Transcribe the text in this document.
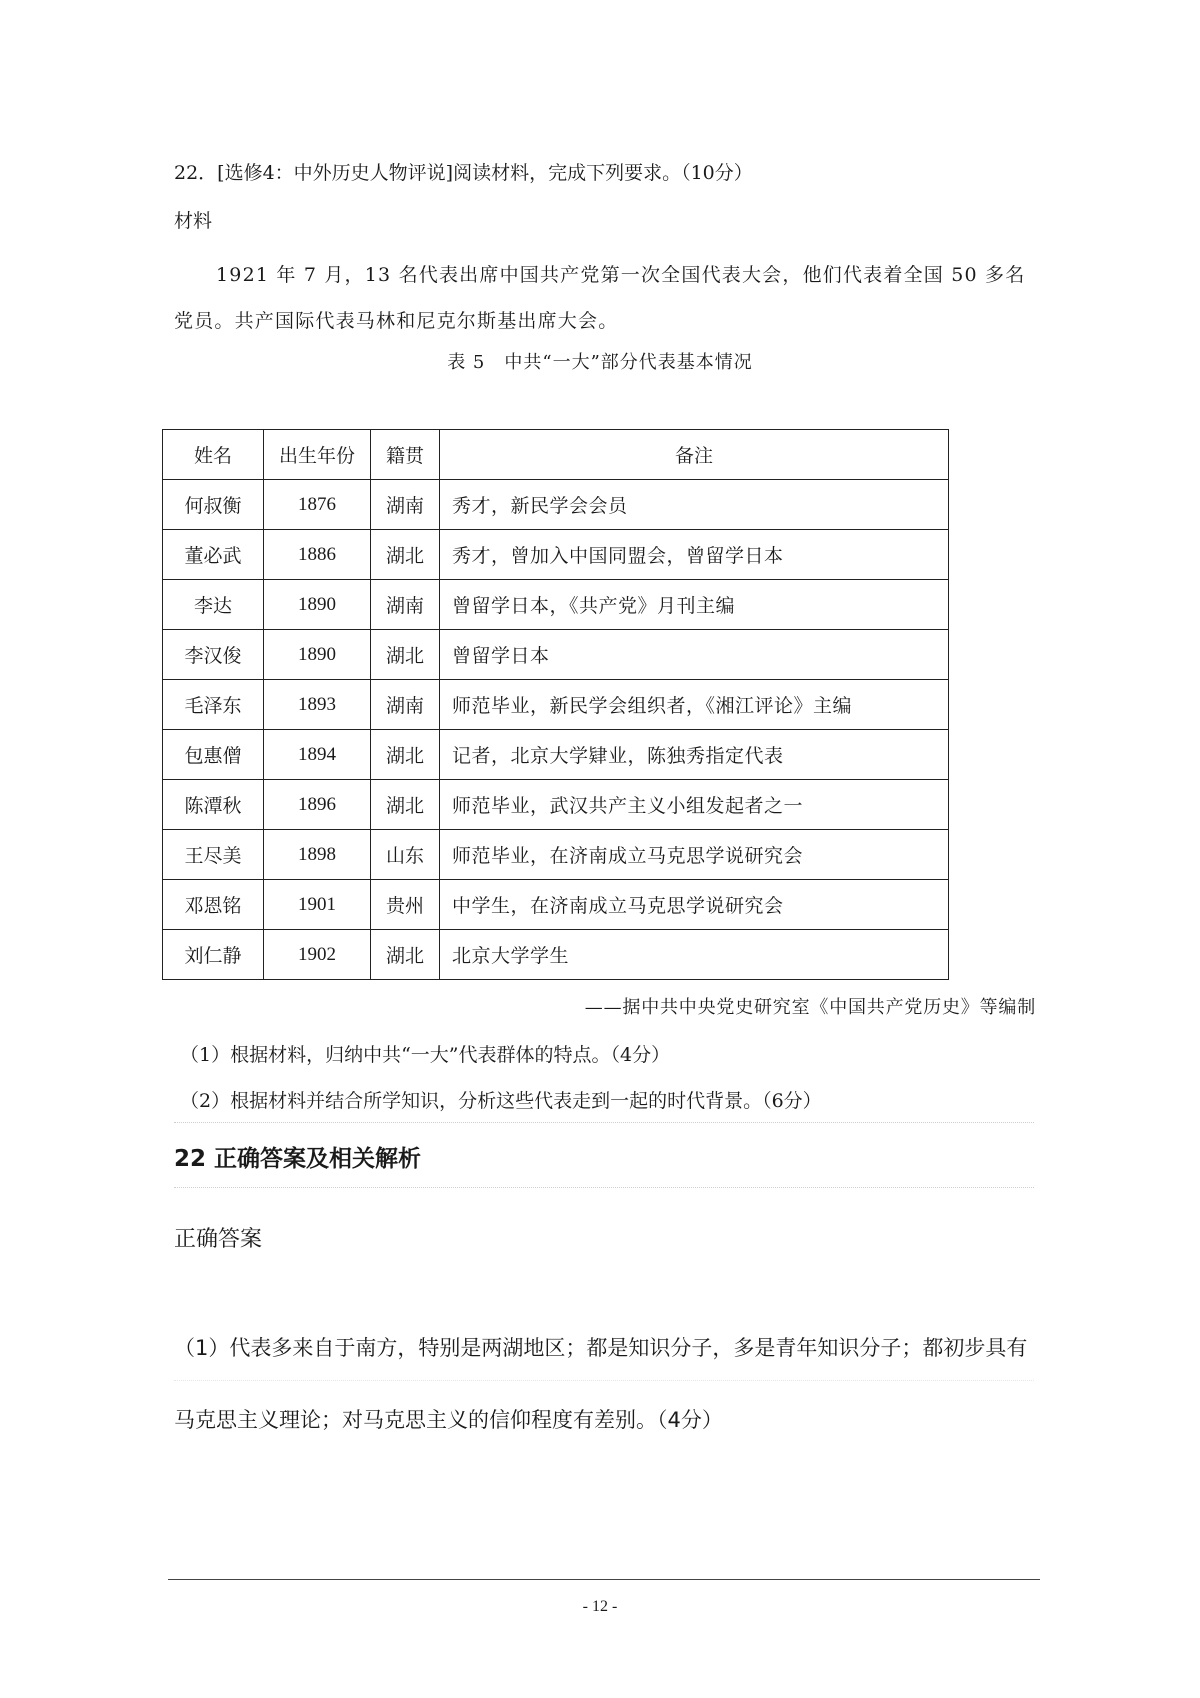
22．[选修4：中外历史人物评说]阅读材料，完成下列要求。（10分）
材料
1921 年 7 月，13 名代表出席中国共产党第一次全国代表大会，他们代表着全国 50 多名党员。共产国际代表马林和尼克尔斯基出席大会。
表 5　中共“一大”部分代表基本情况
姓名	出生年份	籍贯	备注
何叔衡	1876	湖南	秀才，新民学会会员
董必武	1886	湖北	秀才，曾加入中国同盟会，曾留学日本
李达	1890	湖南	曾留学日本，《共产党》月刊主编
李汉俊	1890	湖北	曾留学日本
毛泽东	1893	湖南	师范毕业，新民学会组织者，《湘江评论》主编
包惠僧	1894	湖北	记者，北京大学肄业，陈独秀指定代表
陈潭秋	1896	湖北	师范毕业，武汉共产主义小组发起者之一
王尽美	1898	山东	师范毕业，在济南成立马克思学说研究会
邓恩铭	1901	贵州	中学生，在济南成立马克思学说研究会
刘仁静	1902	湖北	北京大学学生
——据中共中央党史研究室《中国共产党历史》等编制
（1）根据材料，归纳中共“一大”代表群体的特点。（4分）
（2）根据材料并结合所学知识，分析这些代表走到一起的时代背景。（6分）
22 正确答案及相关解析
正确答案
（1）代表多来自于南方，特别是两湖地区；都是知识分子，多是青年知识分子；都初步具有马克思主义理论；对马克思主义的信仰程度有差别。（4分）
- 12 -
